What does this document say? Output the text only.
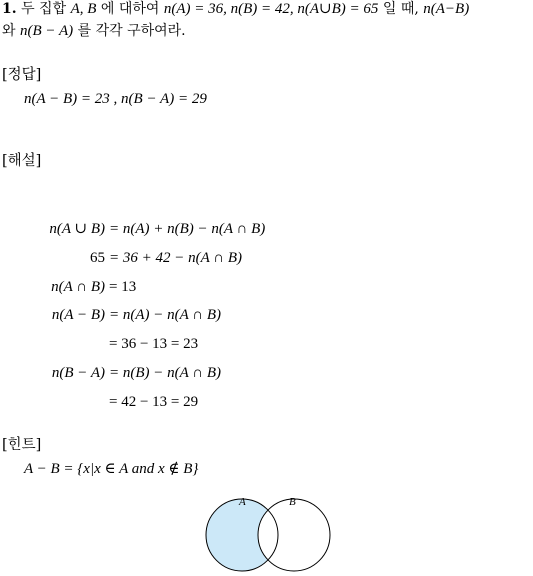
1. 두 집합 A, B 에 대하여 n(A) = 36, n(B) = 42, n(A∪B) = 65 일 때, n(A−B)
와 n(B − A) 를 각각 구하여라.
[정답]
n(A − B) = 23 , n(B − A) = 29
[해설]
n(A ∪ B) = n(A) + n(B) − n(A ∩ B)
65 = 36 + 42 − n(A ∩ B)
n(A ∩ B) = 13
n(A − B) = n(A) − n(A ∩ B)
= 36 − 13 = 23
n(B − A) = n(B) − n(A ∩ B)
= 42 − 13 = 29
[힌트]
A − B = {x|x ∈ A and x ∉ B}
A	B
